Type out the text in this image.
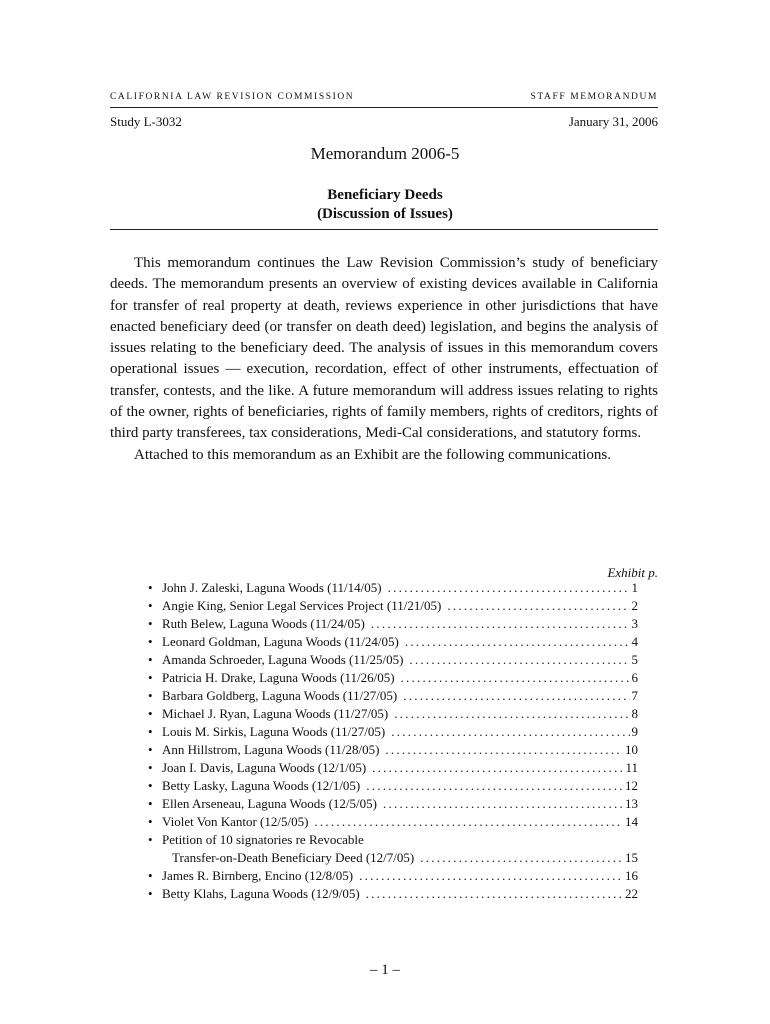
CALIFORNIA LAW REVISION COMMISSION	STAFF MEMORANDUM
Study L-3032	January 31, 2006
Memorandum 2006-5
Beneficiary Deeds
(Discussion of Issues)

This memorandum continues the Law Revision Commission’s study of beneficiary deeds. The memorandum presents an overview of existing devices available in California for transfer of real property at death, reviews experience in other jurisdictions that have enacted beneficiary deed (or transfer on death deed) legislation, and begins the analysis of issues relating to the beneficiary deed. The analysis of issues in this memorandum covers operational issues — execution, recordation, effect of other instruments, effectuation of transfer, contests, and the like. A future memorandum will address issues relating to rights of the owner, rights of beneficiaries, rights of family members, rights of creditors, rights of third party transferees, tax considerations, Medi-Cal considerations, and statutory forms.

Attached to this memorandum as an Exhibit are the following communications.

Exhibit p.
• John J. Zaleski, Laguna Woods (11/14/05) . . .	1
• Angie King, Senior Legal Services Project (11/21/05) . . .	2
• Ruth Belew, Laguna Woods (11/24/05) . . .	3
• Leonard Goldman, Laguna Woods (11/24/05) . . .	4
• Amanda Schroeder, Laguna Woods (11/25/05) . . .	5
• Patricia H. Drake, Laguna Woods (11/26/05) . . .	6
• Barbara Goldberg, Laguna Woods (11/27/05) . . .	7
• Michael J. Ryan, Laguna Woods (11/27/05) . . .	8
• Louis M. Sirkis, Laguna Woods (11/27/05) . . .	9
• Ann Hillstrom, Laguna Woods (11/28/05) . . .	10
• Joan I. Davis, Laguna Woods (12/1/05) . . .	11
• Betty Lasky, Laguna Woods (12/1/05) . . .	12
• Ellen Arseneau, Laguna Woods (12/5/05) . . .	13
• Violet Von Kantor (12/5/05) . . .	14
• Petition of 10 signatories re Revocable
Transfer-on-Death Beneficiary Deed (12/7/05) . . .	15
• James R. Birnberg, Encino (12/8/05) . . .	16
• Betty Klahs, Laguna Woods (12/9/05) . . .	22
– 1 –
